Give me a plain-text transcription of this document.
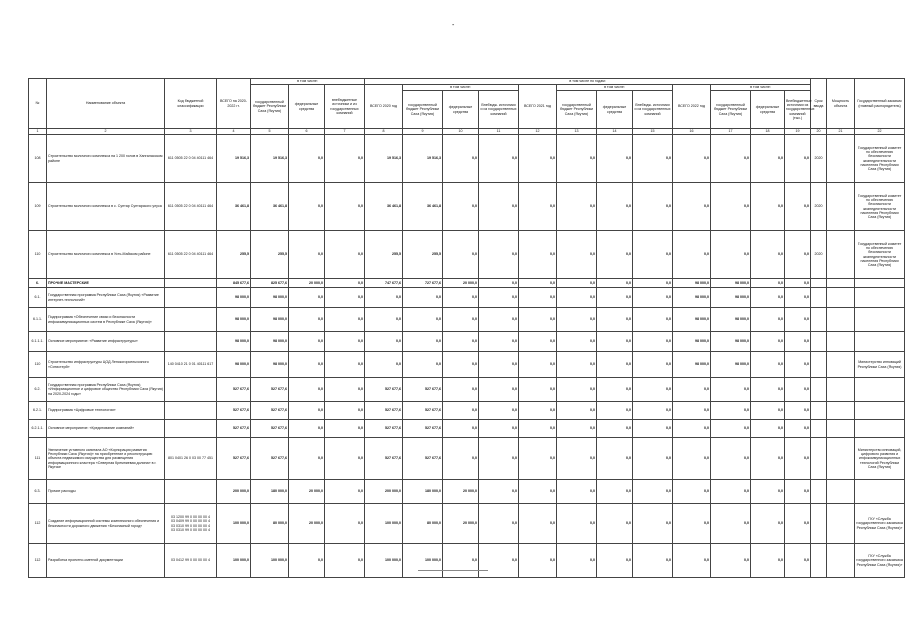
-
№	Наименование объекта	Код бюджетной классификации	ВСЕГО на 2020-2022 гг.	в том числе:			в том числе по годам:												Срок ввода	Мощность объекта	Государственный заказчик (главный распорядитель)
				государственный бюджет Республики Саха (Якутия)	федеральные средства	внебюджетные источники и из государственных компаний	ВСЕГО 2020 год	в том числе:			ВСЕГО 2021 год	в том числе:			ВСЕГО 2022 год	в том числе:					
								государственный бюджет Республики Саха (Якутия)	федеральные средства	Внебюдж. источники и из государственных компаний		государственный бюджет Республики Саха (Якутия)	федеральные средства	Внебюдж. источники и из государственных компаний		государственный бюджет Республики Саха (Якутия)	федеральные средства	Внебюджетные источники из государственных компаний (тыс.)			
1	2	3	4	5	6	7	8	9	10	11	12	13	14	15	16	17	18	19	20	21	22
108	Строительство молочного комплекса на 1 200 голов в Хангаласском районе	611 0505 22 0 04 40111 464	19 516,3	19 516,3	0,0	0,0	19 516,3	19 516,3	0,0	0,0	0,0	0,0	0,0	0,0	0,0	0,0	0,0	0,0	2020		Государственный комитет по обеспечению безопасности жизнедеятельности населения Республики Саха (Якутия)
109	Строительство молочного комплекса в с. Сунтар Сунтарского улуса	611 0505 22 0 04 40111 464	36 461,8	36 461,8	0,0	0,0	36 461,8	36 461,8	0,0	0,0	0,0	0,0	0,0	0,0	0,0	0,0	0,0	0,0	2020		Государственный комитет по обеспечению безопасности жизнедеятельности населения Республики Саха (Якутия)
110	Строительство молочного комплекса в Усть-Майском районе	611 0505 22 0 04 40111 464	255,5	255,5	0,0	0,0	255,5	255,5	0,0	0,0	0,0	0,0	0,0	0,0	0,0	0,0	0,0	0,0	2020		Государственный комитет по обеспечению безопасности жизнедеятельности населения Республики Саха (Якутия)
6.	ПРОЧИЕ МАСТЕРСКИЕ		845 677,6	825 677,6	20 000,0	0,0	747 677,6	727 677,6	20 000,0	0,0	0,0	0,0	0,0	0,0	98 000,0	98 000,0	0,0	0,0			
6.1.	Государственная программа Республики Саха (Якутия) «Развитие интернет-технологий»		98 000,0	98 000,0	0,0	0,0	0,0	0,0	0,0	0,0	0,0	0,0	0,0	0,0	98 000,0	98 000,0	0,0	0,0			
6.1.1.	Подпрограмма «Обеспечение связи и безопасности инфокоммуникационных систем в Республике Саха (Якутия)»		98 000,0	98 000,0	0,0	0,0	0,0	0,0	0,0	0,0	0,0	0,0	0,0	0,0	98 000,0	98 000,0	0,0	0,0			
6.1.1.1.	Основное мероприятие: «Развитие инфраструктуры»		98 000,0	98 000,0	0,0	0,0	0,0	0,0	0,0	0,0	0,0	0,0	0,0	0,0	98 000,0	98 000,0	0,0	0,0			
110	Строительство инфраструктуры ЦОД Ленскогорсельхозного «Ситистерй»	140 0410 21 0 01 40111 617	98 000,0	98 000,0	0,0	0,0	0,0	0,0	0,0	0,0	0,0	0,0	0,0	0,0	98 000,0	98 000,0	0,0	0,0			Министерство инноваций Республики Саха (Якутия)
6.2.	Государственная программа Республики Саха (Якутия) «Информационное и цифровое общество Республики Саха (Якутия) на 2020-2024 годы»		527 677,6	527 677,6	0,0	0,0	527 677,6	527 677,6	0,0	0,0	0,0	0,0	0,0	0,0	0,0	0,0	0,0	0,0			
6.2.1.	Подпрограмма «Цифровые технологии»		527 677,6	527 677,6	0,0	0,0	527 677,6	527 677,6	0,0	0,0	0,0	0,0	0,0	0,0	0,0	0,0	0,0	0,0			
6.2.1.1.	Основное мероприятие: «Кредитование компаний»		527 677,6	527 677,6	0,0	0,0	527 677,6	527 677,6	0,0	0,0	0,0	0,0	0,0	0,0	0,0	0,0	0,0	0,0			
111	Увеличение уставного капитала АО «Корпорация развития Республики Саха (Якутия)» на приобретение и реконструкцию объекта недвижимого имущества для размещения информационного кластера «Северная Кремниевая долина» в г. Якутске	801 0401 26 0 03 00 77 451	527 677,6	527 677,6	0,0	0,0	527 677,6	527 677,6	0,0	0,0	0,0	0,0	0,0	0,0	0,0	0,0	0,0	0,0			Министерство инноваций, цифрового развития и инфокоммуникационных технологий Республики Саха (Якутия)
6.3.	Прочие расходы		200 000,0	180 000,0	20 000,0	0,0	200 000,0	180 000,0	20 000,0	0,0	0,0	0,0	0,0	0,0	0,0	0,0	0,0	0,0			
112	Создание информационной системы комплексного обеспечения и безопасности дорожного движения «Безопасный город»	03 1200 99 0 00 00 00 4
03 0409 99 0 00 00 00 4
03 0310 99 0 00 00 00 4
03 0310 99 0 00 00 00 4	100 000,0	80 000,0	20 000,0	0,0	100 000,0	80 000,0	20 000,0	0,0	0,0	0,0	0,0	0,0	0,0	0,0	0,0	0,0			ГКУ «Служба государственного заказчика Республики Саха (Якутия)»
112	Разработка проектно-сметной документации	03 0412 99 0 00 00 00 4	100 000,0	100 000,0	0,0	0,0	100 000,0	100 000,0	0,0	0,0	0,0	0,0	0,0	0,0	0,0	0,0	0,0	0,0			ГКУ «Служба государственного заказчика Республики Саха (Якутия)»
